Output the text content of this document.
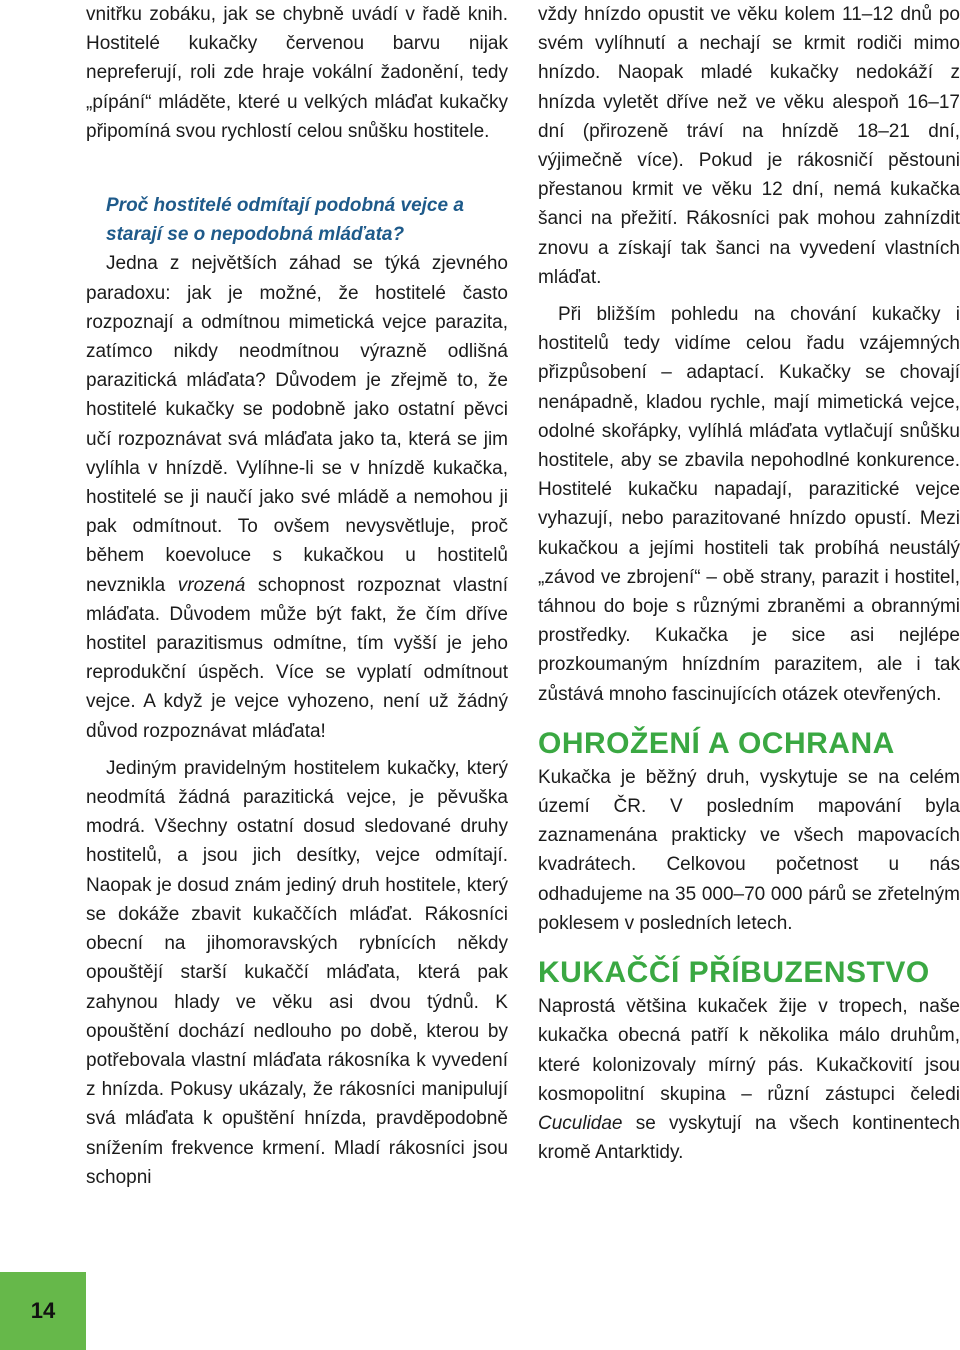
vnitřku zobáku, jak se chybně uvádí v řadě knih. Hostitelé kukačky červenou barvu nijak nepreferují, roli zde hraje vokální žadonění, tedy „pípání“ mláděte, které u velkých mláďat kukačky připomíná svou rychlostí celou snůšku hostitele.

Proč hostitelé odmítají podobná vejce a starají se o nepodobná mláďata?

Jedna z největších záhad se týká zjevného paradoxu: jak je možné, že hostitelé často rozpoznají a odmítnou mimetická vejce parazita, zatímco nikdy neodmítnou výrazně odlišná parazitická mláďata? Důvodem je zřejmě to, že hostitelé kukačky se podobně jako ostatní pěvci učí rozpoznávat svá mláďata jako ta, která se jim vylíhla v hnízdě. Vylíhne-li se v hnízdě kukačka, hostitelé se ji naučí jako své mládě a nemohou ji pak odmítnout. To ovšem nevysvětluje, proč během koevoluce s kukačkou u hostitelů nevznikla vrozená schopnost rozpoznat vlastní mláďata. Důvodem může být fakt, že čím dříve hostitel parazitismus odmítne, tím vyšší je jeho reprodukční úspěch. Více se vyplatí odmítnout vejce. A když je vejce vyhozeno, není už žádný důvod rozpoznávat mláďata!

Jediným pravidelným hostitelem kukačky, který neodmítá žádná parazitická vejce, je pěvuška modrá. Všechny ostatní dosud sledované druhy hostitelů, a jsou jich desítky, vejce odmítají. Naopak je dosud znám jediný druh hostitele, který se dokáže zbavit kukaččích mláďat. Rákosníci obecní na jihomoravských rybnících někdy opouštějí starší kukaččí mláďata, která pak zahynou hlady ve věku asi dvou týdnů. K opouštění dochází nedlouho po době, kterou by potřebovala vlastní mláďata rákosníka k vyvedení z hnízda. Pokusy ukázaly, že rákosníci manipulují svá mláďata k opuštění hnízda, pravděpodobně snížením frekvence krmení. Mladí rákosníci jsou schopni

vždy hnízdo opustit ve věku kolem 11–12 dnů po svém vylíhnutí a nechají se krmit rodiči mimo hnízdo. Naopak mladé kukačky nedokáží z hnízda vyletět dříve než ve věku alespoň 16–17 dní (přirozeně tráví na hnízdě 18–21 dní, výjimečně více). Pokud je rákosničí pěstouni přestanou krmit ve věku 12 dní, nemá kukačka šanci na přežití. Rákosníci pak mohou zahnízdit znovu a získají tak šanci na vyvedení vlastních mláďat.

Při bližším pohledu na chování kukačky i hostitelů tedy vidíme celou řadu vzájemných přizpůsobení – adaptací. Kukačky se chovají nenápadně, kladou rychle, mají mimetická vejce, odolné skořápky, vylíhlá mláďata vytlačují snůšku hostitele, aby se zbavila nepohodlné konkurence. Hostitelé kukačku napadají, parazitické vejce vyhazují, nebo parazitované hnízdo opustí. Mezi kukačkou a jejími hostiteli tak probíhá neustálý „závod ve zbrojení“ – obě strany, parazit i hostitel, táhnou do boje s různými zbraněmi a obrannými prostředky. Kukačka je sice asi nejlépe prozkoumaným hnízdním parazitem, ale i tak zůstává mnoho fascinujících otázek otevřených.

OHROŽENÍ A OCHRANA

Kukačka je běžný druh, vyskytuje se na celém území ČR. V posledním mapování byla zaznamenána prakticky ve všech mapovacích kvadrátech. Celkovou početnost u nás odhadujeme na 35 000–70 000 párů se zřetelným poklesem v posledních letech.

KUKAČČÍ PŘÍBUZENSTVO

Naprostá většina kukaček žije v tropech, naše kukačka obecná patří k několika málo druhům, které kolonizovaly mírný pás. Kukačkovití jsou kosmopolitní skupina – různí zástupci čeledi Cuculidae se vyskytují na všech kontinentech kromě Antarktidy.

14
